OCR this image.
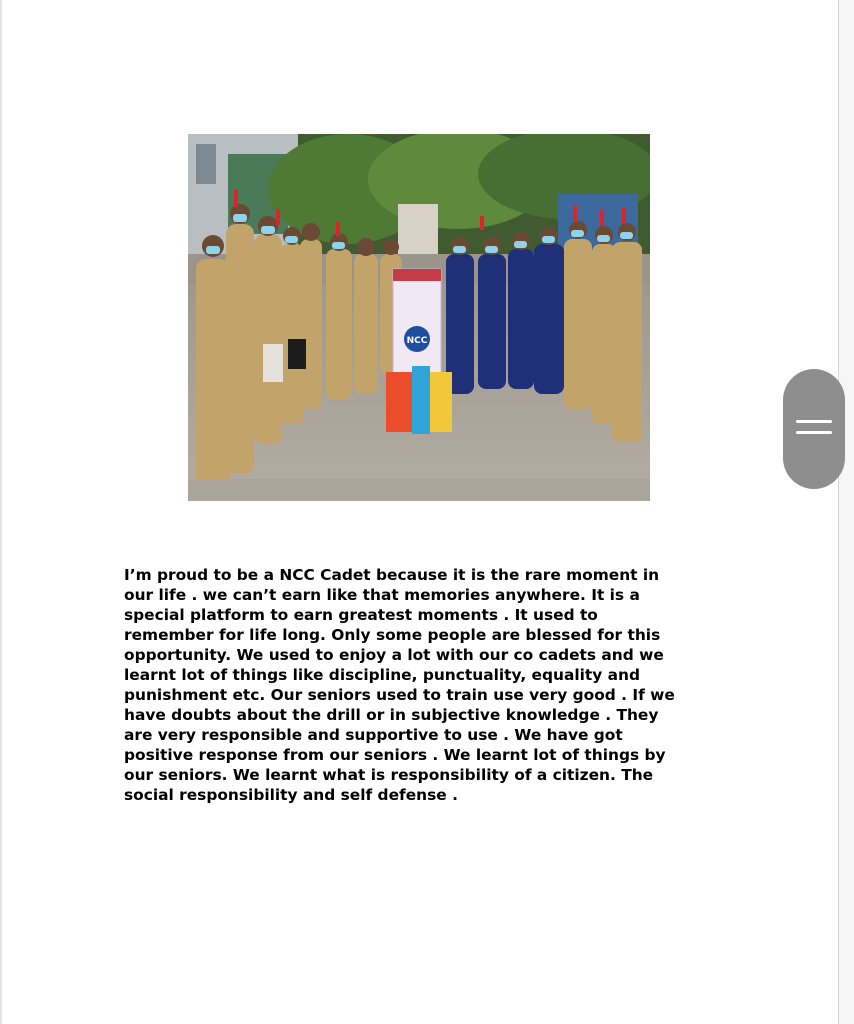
NCC

I’m proud to be a NCC Cadet because it is the rare moment in
our life . we can’t earn like that memories anywhere. It is a
special platform to earn greatest moments . It used to
remember for life long. Only some people are blessed for this
opportunity. We used to enjoy a lot with our co cadets and we
learnt lot of things like discipline, punctuality, equality and
punishment etc. Our seniors used to train use very good . If we
have doubts about the drill or in subjective knowledge . They
are very responsible and supportive to use . We have got
positive response from our seniors . We learnt lot of things by
our seniors. We learnt what is responsibility of a citizen. The
social responsibility and self defense .
